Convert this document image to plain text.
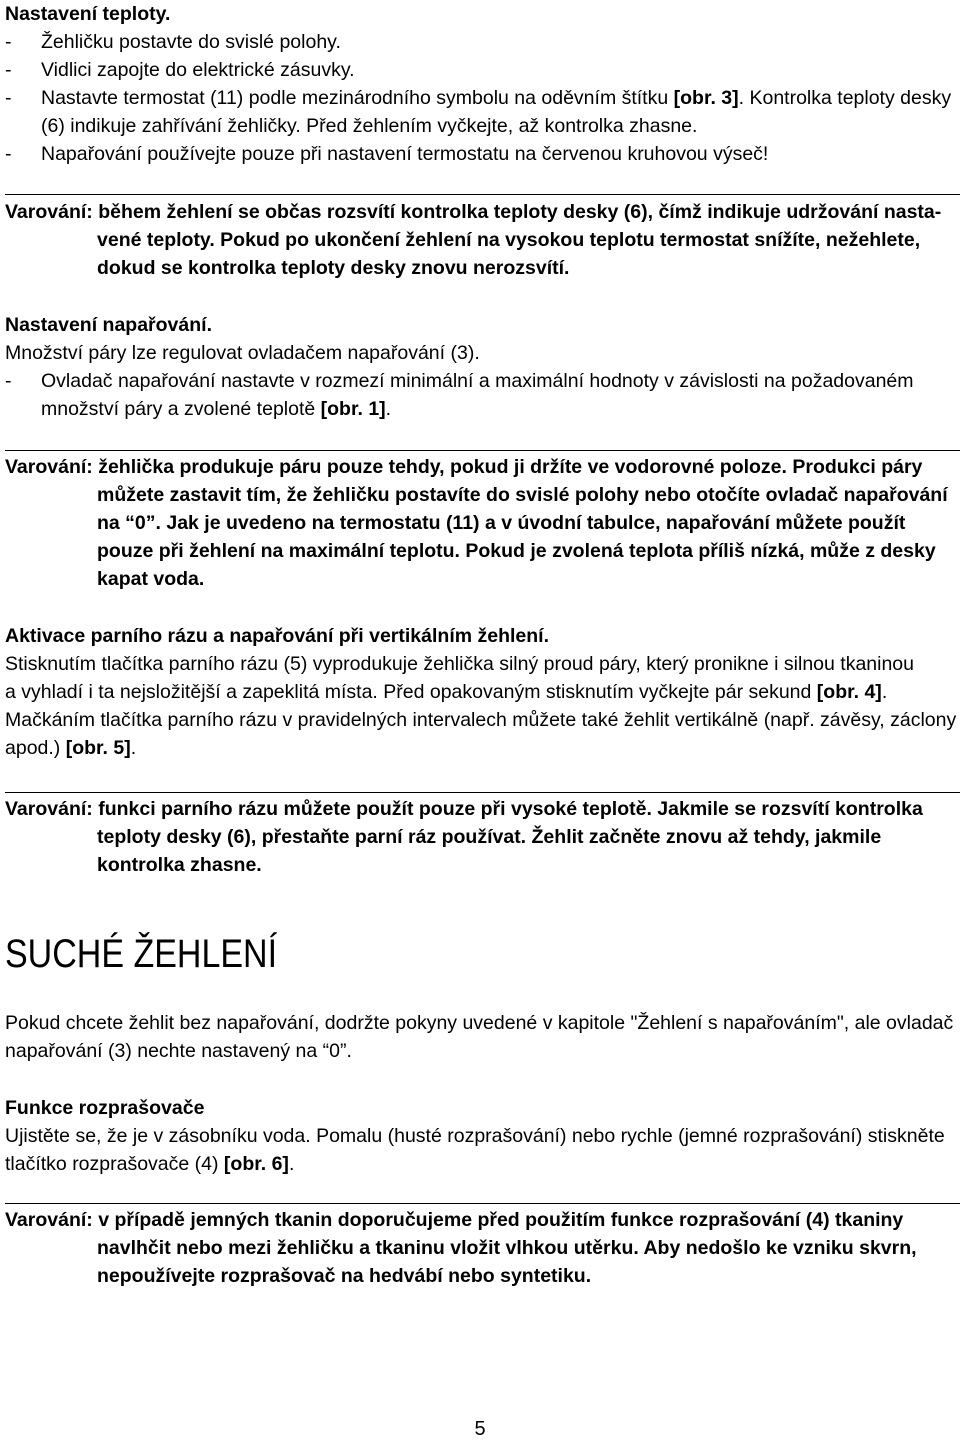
Nastavení teploty.
-	Žehličku postavte do svislé polohy.
-	Vidlici zapojte do elektrické zásuvky.
-	Nastavte termostat (11) podle mezinárodního symbolu na oděvním štítku [obr. 3]. Kontrolka teploty desky
(6) indikuje zahřívání žehličky. Před žehlením vyčkejte, až kontrolka zhasne.
-	Napařování používejte pouze při nastavení termostatu na červenou kruhovou výseč!
Varování: během žehlení se občas rozsvítí kontrolka teploty desky (6), čímž indikuje udržování nasta-
vené teploty. Pokud po ukončení žehlení na vysokou teplotu termostat snížíte, nežehlete,
dokud se kontrolka teploty desky znovu nerozsvítí.
Nastavení napařování.
Množství páry lze regulovat ovladačem napařování (3).
-	Ovladač napařování nastavte v rozmezí minimální a maximální hodnoty v závislosti na požadovaném
množství páry a zvolené teplotě [obr. 1].
Varování: žehlička produkuje páru pouze tehdy, pokud ji držíte ve vodorovné poloze. Produkci páry
můžete zastavit tím, že žehličku postavíte do svislé polohy nebo otočíte ovladač napařování
na “0”. Jak je uvedeno na termostatu (11) a v úvodní tabulce, napařování můžete použít
pouze při žehlení na maximální teplotu. Pokud je zvolená teplota příliš nízká, může z desky
kapat voda.
Aktivace parního rázu a napařování při vertikálním žehlení.
Stisknutím tlačítka parního rázu (5) vyprodukuje žehlička silný proud páry, který pronikne i silnou tkaninou
a vyhladí i ta nejsložitější a zapeklitá místa. Před opakovaným stisknutím vyčkejte pár sekund [obr. 4].
Mačkáním tlačítka parního rázu v pravidelných intervalech můžete také žehlit vertikálně (např. závěsy, záclony
apod.) [obr. 5].
Varování: funkci parního rázu můžete použít pouze při vysoké teplotě. Jakmile se rozsvítí kontrolka
teploty desky (6), přestaňte parní ráz používat. Žehlit začněte znovu až tehdy, jakmile
kontrolka zhasne.
SUCHÉ ŽEHLENÍ
Pokud chcete žehlit bez napařování, dodržte pokyny uvedené v kapitole "Žehlení s napařováním", ale ovladač
napařování (3) nechte nastavený na “0”.
Funkce rozprašovače
Ujistěte se, že je v zásobníku voda. Pomalu (husté rozprašování) nebo rychle (jemné rozprašování) stiskněte
tlačítko rozprašovače (4) [obr. 6].
Varování: v případě jemných tkanin doporučujeme před použitím funkce rozprašování (4) tkaniny
navlhčit nebo mezi žehličku a tkaninu vložit vlhkou utěrku. Aby nedošlo ke vzniku skvrn,
nepoužívejte rozprašovač na hedvábí nebo syntetiku.
5
